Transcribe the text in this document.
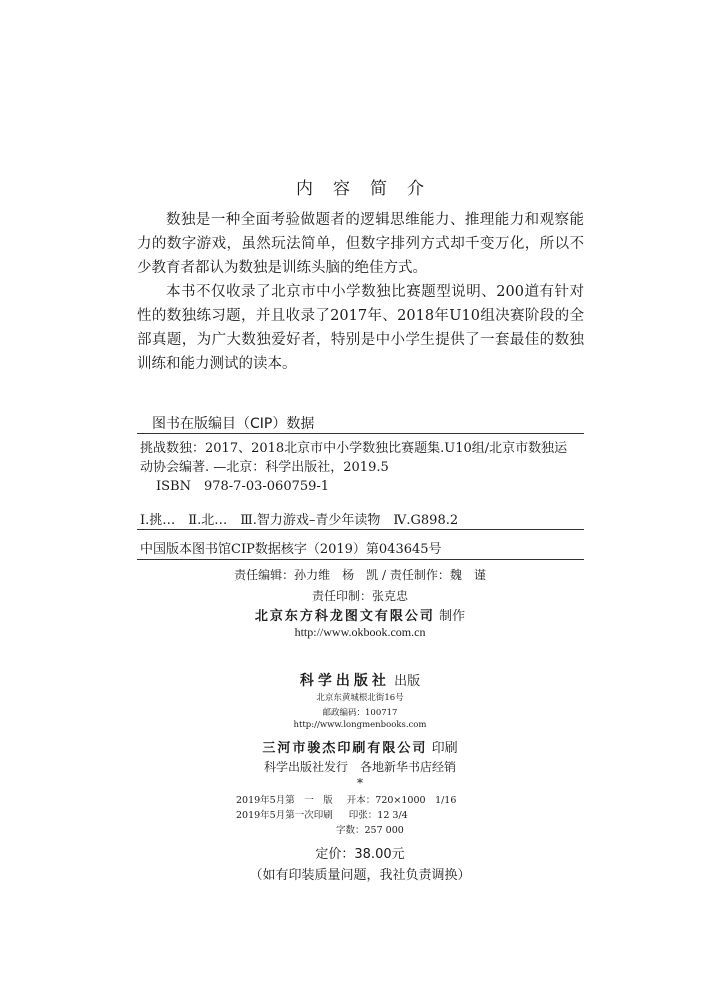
内容简介

数独是一种全面考验做题者的逻辑思维能力、推理能力和观察能力的数字游戏，虽然玩法简单，但数字排列方式却千变万化，所以不少教育者都认为数独是训练头脑的绝佳方式。

本书不仅收录了北京市中小学数独比赛题型说明、200道有针对性的数独练习题，并且收录了2017年、2018年U10组决赛阶段的全部真题，为广大数独爱好者，特别是中小学生提供了一套最佳的数独训练和能力测试的读本。

图书在版编目（CIP）数据
挑战数独：2017、2018北京市中小学数独比赛题集.U10组/北京市数独运
动协会编著. —北京：科学出版社，2019.5
ISBN　978-7-03-060759-1
Ⅰ.挑…　Ⅱ.北…　Ⅲ.智力游戏–青少年读物　Ⅳ.G898.2
中国版本图书馆CIP数据核字（2019）第043645号
责任编辑：孙力维　杨　凯 / 责任制作：魏　谨
责任印制：张克忠
北京东方科龙图文有限公司 制作
http://www.okbook.com.cn
科学出版社 出版
北京东黄城根北街16号
邮政编码：100717
http://www.longmenbooks.com
三河市骏杰印刷有限公司 印刷
科学出版社发行　各地新华书店经销
*
2019年5月第　一　版 开本：720×1000　1/16
2019年5月第一次印刷 印张：12 3/4
字数：257 000
定价：38.00元
（如有印装质量问题，我社负责调换）
